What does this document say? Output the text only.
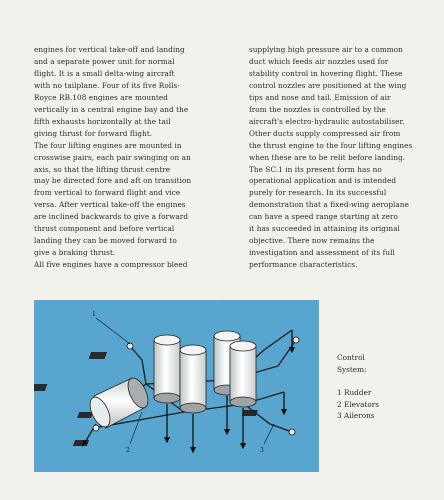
engines for vertical take-off and landing

and a separate power unit for normal

flight. It is a small delta-wing aircraft

with no tailplane. Four of its five Rolls-

Royce RB.108 engines are mounted

vertically in a central engine bay and the

fifth exhausts horizontally at the tail

giving thrust for forward flight.

The four lifting engines are mounted in

crosswise pairs, each pair swinging on an

axis, so that the lifting thrust centre

may be directed fore and aft on transition

from vertical to forward flight and vice

versa. After vertical take-off the engines

are inclined backwards to give a forward

thrust component and before vertical

landing they can be moved forward to

give a braking thrust.

All five engines have a compressor bleed

supplying high pressure air to a common

duct which feeds air nozzles used for

stability control in hovering flight. These

control nozzles are positioned at the wing

tips and nose and tail. Emission of air

from the nozzles is controlled by the

aircraft's electro-hydraulic autostabiliser.

Other ducts supply compressed air from

the thrust engine to the four lifting engines

when these are to be relit before landing.

The SC.1 in its present form has no

operational application and is intended

purely for research. In its successful

demonstration that a fixed-wing aeroplane

can have a speed range starting at zero

it has succeeded in attaining its original

objective. There now remains the

investigation and assessment of its full

performance characteristics.

1
2	3
Control
System:
1 Rudder
2 Elevators
3 Ailerons
